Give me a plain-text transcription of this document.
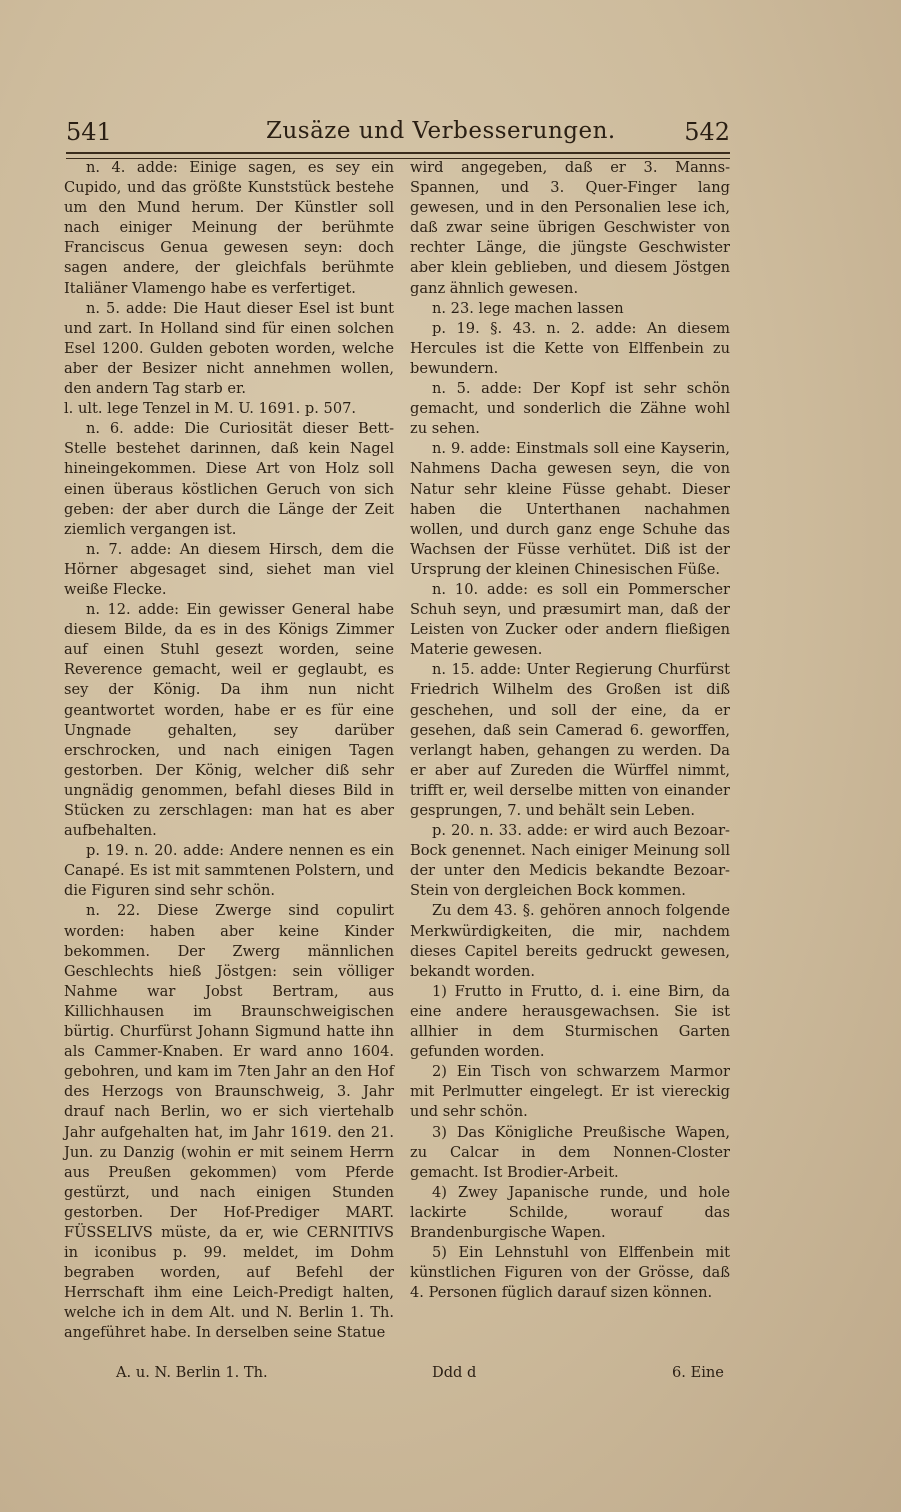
541	Zusäze und Verbesserungen.	542

n. 4. adde: Einige sagen, es sey ein Cupido, und das größte Kunststück bestehe um den Mund herum. Der Künstler soll nach einiger Meinung der berühmte Franciscus Genua gewesen seyn: doch sagen andere, der gleichfals berühmte Italiäner Vlamengo habe es verfertiget.

n. 5. adde: Die Haut dieser Esel ist bunt und zart. In Holland sind für einen solchen Esel 1200. Gulden geboten worden, welche aber der Besizer nicht annehmen wollen, den andern Tag starb er.

l. ult. lege Tenzel in M. U. 1691. p. 507.

n. 6. adde: Die Curiosität dieser Bett-Stelle bestehet darinnen, daß kein Nagel hineingekommen. Diese Art von Holz soll einen überaus köstlichen Geruch von sich geben: der aber durch die Länge der Zeit ziemlich vergangen ist.

n. 7. adde: An diesem Hirsch, dem die Hörner abgesaget sind, siehet man viel weiße Flecke.

n. 12. adde: Ein gewisser General habe diesem Bilde, da es in des Königs Zimmer auf einen Stuhl gesezt worden, seine Reverence gemacht, weil er geglaubt, es sey der König. Da ihm nun nicht geantwortet worden, habe er es für eine Ungnade gehalten, sey darüber erschrocken, und nach einigen Tagen gestorben. Der König, welcher diß sehr ungnädig genommen, befahl dieses Bild in Stücken zu zerschlagen: man hat es aber aufbehalten.

p. 19. n. 20. adde: Andere nennen es ein Canapé. Es ist mit sammtenen Polstern, und die Figuren sind sehr schön.

n. 22. Diese Zwerge sind copulirt worden: haben aber keine Kinder bekommen. Der Zwerg männlichen Geschlechts hieß Jöstgen: sein völliger Nahme war Jobst Bertram, aus Killichhausen im Braunschweigischen bürtig. Churfürst Johann Sigmund hatte ihn als Cammer-Knaben. Er ward anno 1604. gebohren, und kam im 7ten Jahr an den Hof des Herzogs von Braunschweig, 3. Jahr drauf nach Berlin, wo er sich viertehalb Jahr aufgehalten hat, im Jahr 1619. den 21. Jun. zu Danzig (wohin er mit seinem Herrn aus Preußen gekommen) vom Pferde gestürzt, und nach einigen Stunden gestorben. Der Hof-Prediger MART. FÜSSELIVS müste, da er, wie CERNITIVS in iconibus p. 99. meldet, im Dohm begraben worden, auf Befehl der Herrschaft ihm eine Leich-Predigt halten, welche ich in dem Alt. und N. Berlin 1. Th. angeführet habe. In derselben seine Statue

wird angegeben, daß er 3. Manns-Spannen, und 3. Quer-Finger lang gewesen, und in den Personalien lese ich, daß zwar seine übrigen Geschwister von rechter Länge, die jüngste Geschwister aber klein geblieben, und diesem Jöstgen ganz ähnlich gewesen.

n. 23. lege machen lassen

p. 19. §. 43. n. 2. adde: An diesem Hercules ist die Kette von Elffenbein zu bewundern.

n. 5. adde: Der Kopf ist sehr schön gemacht, und sonderlich die Zähne wohl zu sehen.

n. 9. adde: Einstmals soll eine Kayserin, Nahmens Dacha gewesen seyn, die von Natur sehr kleine Füsse gehabt. Dieser haben die Unterthanen nachahmen wollen, und durch ganz enge Schuhe das Wachsen der Füsse verhütet. Diß ist der Ursprung der kleinen Chinesischen Füße.

n. 10. adde: es soll ein Pommerscher Schuh seyn, und præsumirt man, daß der Leisten von Zucker oder andern fließigen Materie gewesen.

n. 15. adde: Unter Regierung Churfürst Friedrich Wilhelm des Großen ist diß geschehen, und soll der eine, da er gesehen, daß sein Camerad 6. geworffen, verlangt haben, gehangen zu werden. Da er aber auf Zureden die Würffel nimmt, trifft er, weil derselbe mitten von einander gesprungen, 7. und behält sein Leben.

p. 20. n. 33. adde: er wird auch Bezoar-Bock genennet. Nach einiger Meinung soll der unter den Medicis bekandte Bezoar-Stein von dergleichen Bock kommen.

Zu dem 43. §. gehören annoch folgende Merkwürdigkeiten, die mir, nachdem dieses Capitel bereits gedruckt gewesen, bekandt worden.

1) Frutto in Frutto, d. i. eine Birn, da eine andere herausgewachsen. Sie ist allhier in dem Sturmischen Garten gefunden worden.

2) Ein Tisch von schwarzem Marmor mit Perlmutter eingelegt. Er ist viereckig und sehr schön.

3) Das Königliche Preußische Wapen, zu Calcar in dem Nonnen-Closter gemacht. Ist Brodier-Arbeit.

4) Zwey Japanische runde, und hole lackirte Schilde, worauf das Brandenburgische Wapen.

5) Ein Lehnstuhl von Elffenbein mit künstlichen Figuren von der Grösse, daß 4. Personen füglich darauf sizen können.

A. u. N. Berlin 1. Th.	Ddd d	6. Eine
